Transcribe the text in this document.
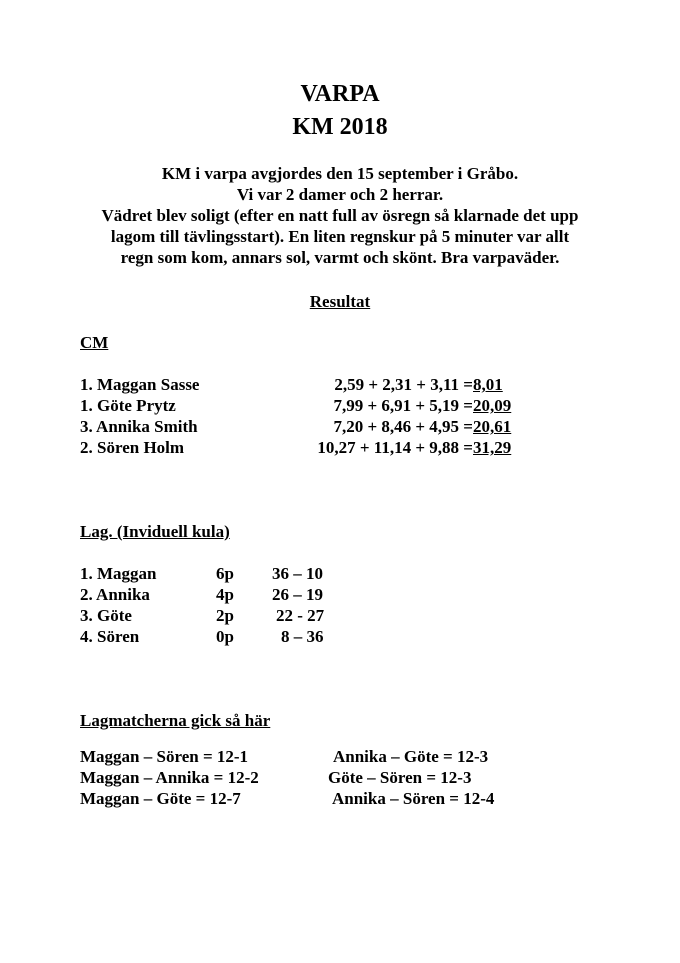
VARPA
KM 2018
KM i varpa avgjordes den 15 september i Gråbo.
Vi var 2 damer och 2 herrar.
Vädret blev soligt (efter en natt full av ösregn så klarnade det upp
lagom till tävlingsstart). En liten regnskur på 5 minuter var allt
regn som kom, annars sol, varmt och skönt. Bra varpaväder.
Resultat
CM
1. Maggan Sasse	2,59 + 2,31 + 3,11 = 8,01
1. Göte Prytz	7,99 + 6,91 + 5,19 = 20,09
3. Annika Smith	7,20 + 8,46 + 4,95 = 20,61
2. Sören Holm	10,27 + 11,14 + 9,88 = 31,29
Lag. (Inviduell kula)
1. Maggan	6p 36 – 10
2. Annika	4p 26 – 19
3. Göte	2p 22 - 27
4. Sören	0p	8 – 36
Lagmatcherna gick så här
Maggan – Sören = 12-1	Annika – Göte = 12-3
Maggan – Annika = 12-2	Göte – Sören = 12-3
Maggan – Göte = 12-7	Annika – Sören = 12-4
